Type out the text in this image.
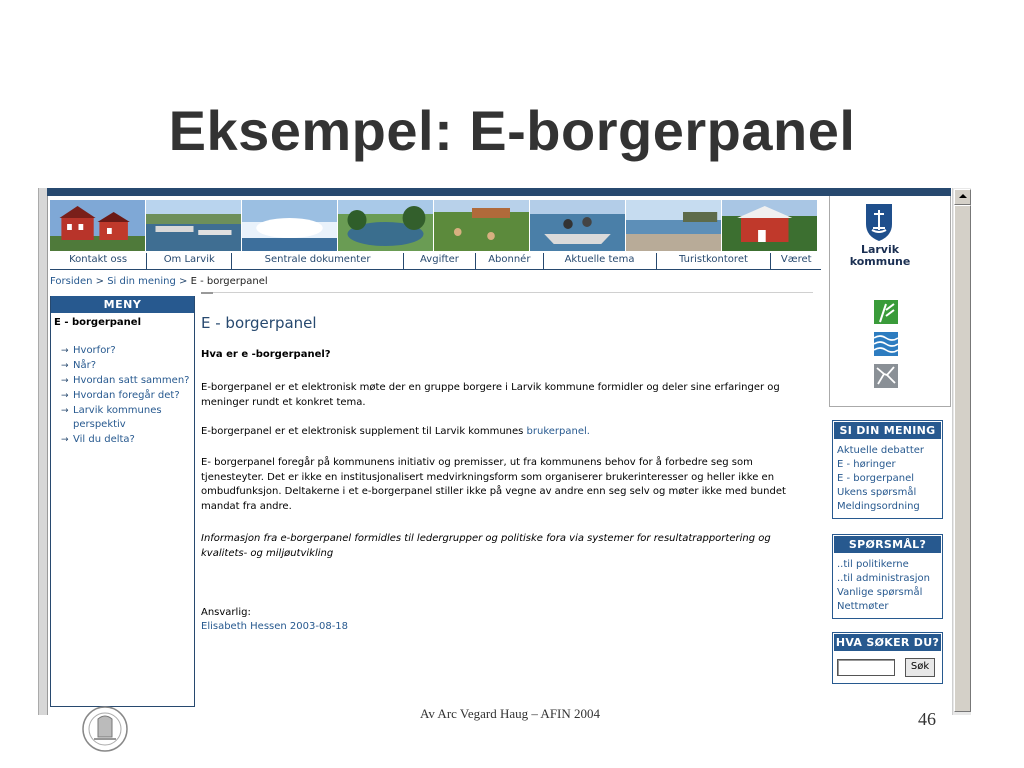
Eksempel: E-borgerpanel
Kontakt oss	Om Larvik	Sentrale dokumenter	Avgifter	Abonnér	Aktuelle tema	Turistkontoret	Været
Forsiden > Si din mening > E - borgerpanel
MENY
E - borgerpanel
→ Hvorfor?
→ Når?
→ Hvordan satt sammen?
→ Hvordan foregår det?
→ Larvik kommunes perspektiv
→ Vil du delta?
E - borgerpanel
Hva er e -borgerpanel?
E-borgerpanel er et elektronisk møte der en gruppe borgere i Larvik kommune formidler og deler sine erfaringer og meninger rundt et konkret tema.
E-borgerpanel er et elektronisk supplement til Larvik kommunes brukerpanel.
E- borgerpanel foregår på kommunens initiativ og premisser, ut fra kommunens behov for å forbedre seg som tjenesteyter. Det er ikke en institusjonalisert medvirkningsform som organiserer brukerinteresser og heller ikke en ombudfunksjon. Deltakerne i et e-borgerpanel stiller ikke på vegne av andre enn seg selv og møter ikke med bundet mandat fra andre.
Informasjon fra e-borgerpanel formidles til ledergrupper og politiske fora via systemer for resultatrapportering og kvalitets- og miljøutvikling
Ansvarlig:
Elisabeth Hessen 2003-08-18
Larvik
kommune
SI DIN MENING
Aktuelle debatter
E - høringer
E - borgerpanel
Ukens spørsmål
Meldingsordning
SPØRSMÅL?
..til politikerne
..til administrasjon
Vanlige spørsmål
Nettmøter
HVA SØKER DU?
Søk
Av Arc Vegard Haug – AFIN 2004	46
